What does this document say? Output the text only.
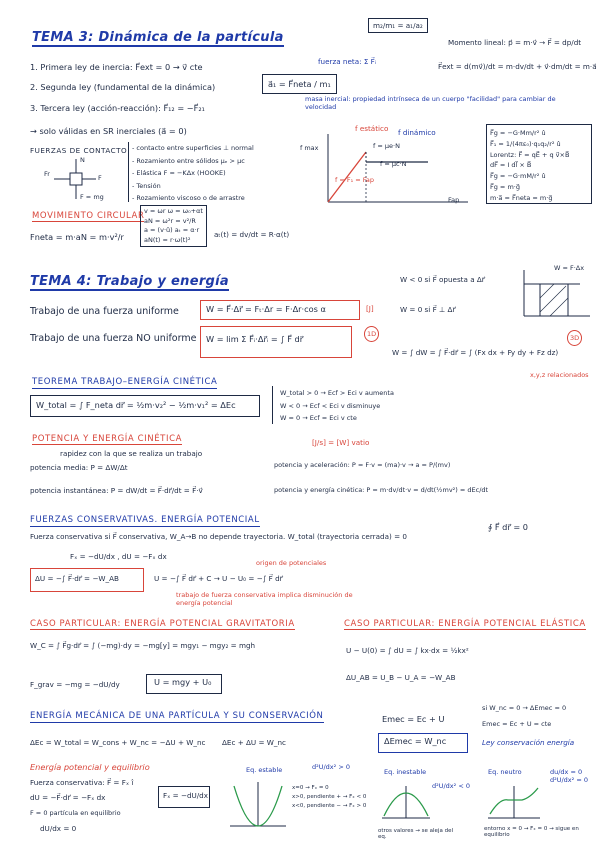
TEMA 3: Dinámica de la partícula
m₂/m₁ = a₁/a₂
Momento lineal: p⃗ = m·v⃗ → F⃗ = dp/dt
F⃗ext = d(mv⃗)/dt = m·dv/dt + v⃗·dm/dt = m·a⃗
1. Primera ley de inercia: F⃗ext = 0 → v⃗ cte
2. Segunda ley (fundamental de la dinámica)
3. Tercera ley (acción-reacción): F⃗₁₂ = −F⃗₂₁
fuerza neta: Σ F⃗ᵢ
a⃗₁ = F⃗neta / m₁
masa inercial: propiedad intrínseca de un cuerpo "facilidad" para cambiar de velocidad
→ solo válidas en SR inerciales (a⃗ = 0)
FUERZAS DE CONTACTO
N
Fr	F
F = mg
- contacto entre superficies ⊥ normal
- Rozamiento entre sólidos μₑ > μc
- Elástica F = −KΔx (HOOKE)
- Tensión
- Rozamiento viscoso o de arrastre
f estático f dinámico
f max	f = μe·N
f = μc·N
f = F₁ = Fap
Fap
F⃗g = −G·Mm/r² û
F⃗₁ = 1/(4πε₀)·q₁q₂/r² û
Lorentz: F⃗ = qE⃗ + q v⃗×B⃗
dF⃗ = I dl⃗ × B⃗
F⃗g = −G·mM/r² û
F⃗g = m·g⃗
m·a⃗ = F⃗neta = m·g⃗
MOVIMIENTO CIRCULAR
Fneta = m·aN = m·v²/r
v = ωr ω = ω₀+αt
aN = ω²r = v²/R
a = (v·û) aₜ = α·r
aN(t) = r·ω(t)²
aₜ(t) = dv/dt = R·α(t)
TEMA 4: Trabajo y energía	W < 0 si F⃗ opuesta a Δr⃗
W = 0 si F⃗ ⊥ Δr⃗
W = F·Δx
Trabajo de una fuerza uniforme	W = F⃗·Δr⃗ = Fₜ·Δr = F·Δr·cos α	[J]
Trabajo de una fuerza NO uniforme W = lim Σ F⃗ᵢ·Δr⃗ᵢ = ∫ F⃗ dr⃗	1D	3D
W = ∫ dW = ∫ F⃗·dr⃗ = ∫ (Fx dx + Fy dy + Fz dz)
x,y,z relacionados
TEOREMA TRABAJO–ENERGÍA CINÉTICA
W_total = ∫ F_neta dr⃗ = ½m·v₂² − ½m·v₁² = ΔEc
W_total > 0 → Ecf > Eci v aumenta
W < 0 → Ecf < Eci v disminuye
W = 0 → Ecf = Eci v cte
POTENCIA Y ENERGÍA CINÉTICA	[J/s] = [W] vatio
rapidez con la que se realiza un trabajo
potencia media: P = ΔW/Δt
potencia instantánea: P = dW/dt = F⃗·dr⃗/dt = F⃗·v⃗
potencia y aceleración: P = F·v = (ma)·v → a = P/(mv)
potencia y energía cinética: P = m·dv/dt·v = d/dt(½mv²) = dEc/dt
FUERZAS CONSERVATIVAS. ENERGÍA POTENCIAL
Fuerza conservativa si F⃗ conservativa, W_A→B no depende trayectoria. W_total (trayectoria cerrada) = 0
∮ F⃗ dr⃗ = 0
Fₓ = −dU/dx , dU = −Fₓ dx
ΔU = −∫ F⃗·dr⃗ = −W_AB	U = −∫ F⃗ dr⃗ + C → U − U₀ = −∫ F⃗ dr⃗
origen de potenciales
trabajo de fuerza conservativa implica disminución de energía potencial
CASO PARTICULAR: ENERGÍA POTENCIAL GRAVITATORIA
W_C = ∫ F⃗g·dr⃗ = ∫ (−mg)·dy = −mg[y] = mgy₁ − mgy₂ = mgh
F_grav = −mg = −dU/dy	U = mgy + U₀
CASO PARTICULAR: ENERGÍA POTENCIAL ELÁSTICA
U − U(0) = ∫ dU = ∫ kx·dx = ½kx²
ΔU_AB = U_B − U_A = −W_AB
ENERGÍA MECÁNICA DE UNA PARTÍCULA Y SU CONSERVACIÓN
ΔEc = W_total = W_cons + W_nc = −ΔU + W_nc ΔEc + ΔU = W_nc
Emec = Ec + U
ΔEmec = W_nc
si W_nc = 0 → ΔEmec = 0
Emec = Ec + U = cte
Ley conservación energía
Energía potencial y equilibrio
Fuerza conservativa: F⃗ = Fₓ î
dU = −F⃗·dr⃗ = −Fₓ dx	Fₓ = −dU/dx
F = 0 partícula en equilibrio
dU/dx = 0
Eq. estable	d²U/dx² > 0
x=0 → Fₓ = 0
x>0, pendiente + → Fₓ < 0
x<0, pendiente − → Fₓ > 0
Eq. inestable
d²U/dx² < 0
otros valores → se aleja del eq.
Eq. neutro	du/dx = 0 d²U/dx² = 0
entorno x = 0 → Fₓ = 0 → sigue en equilibrio
